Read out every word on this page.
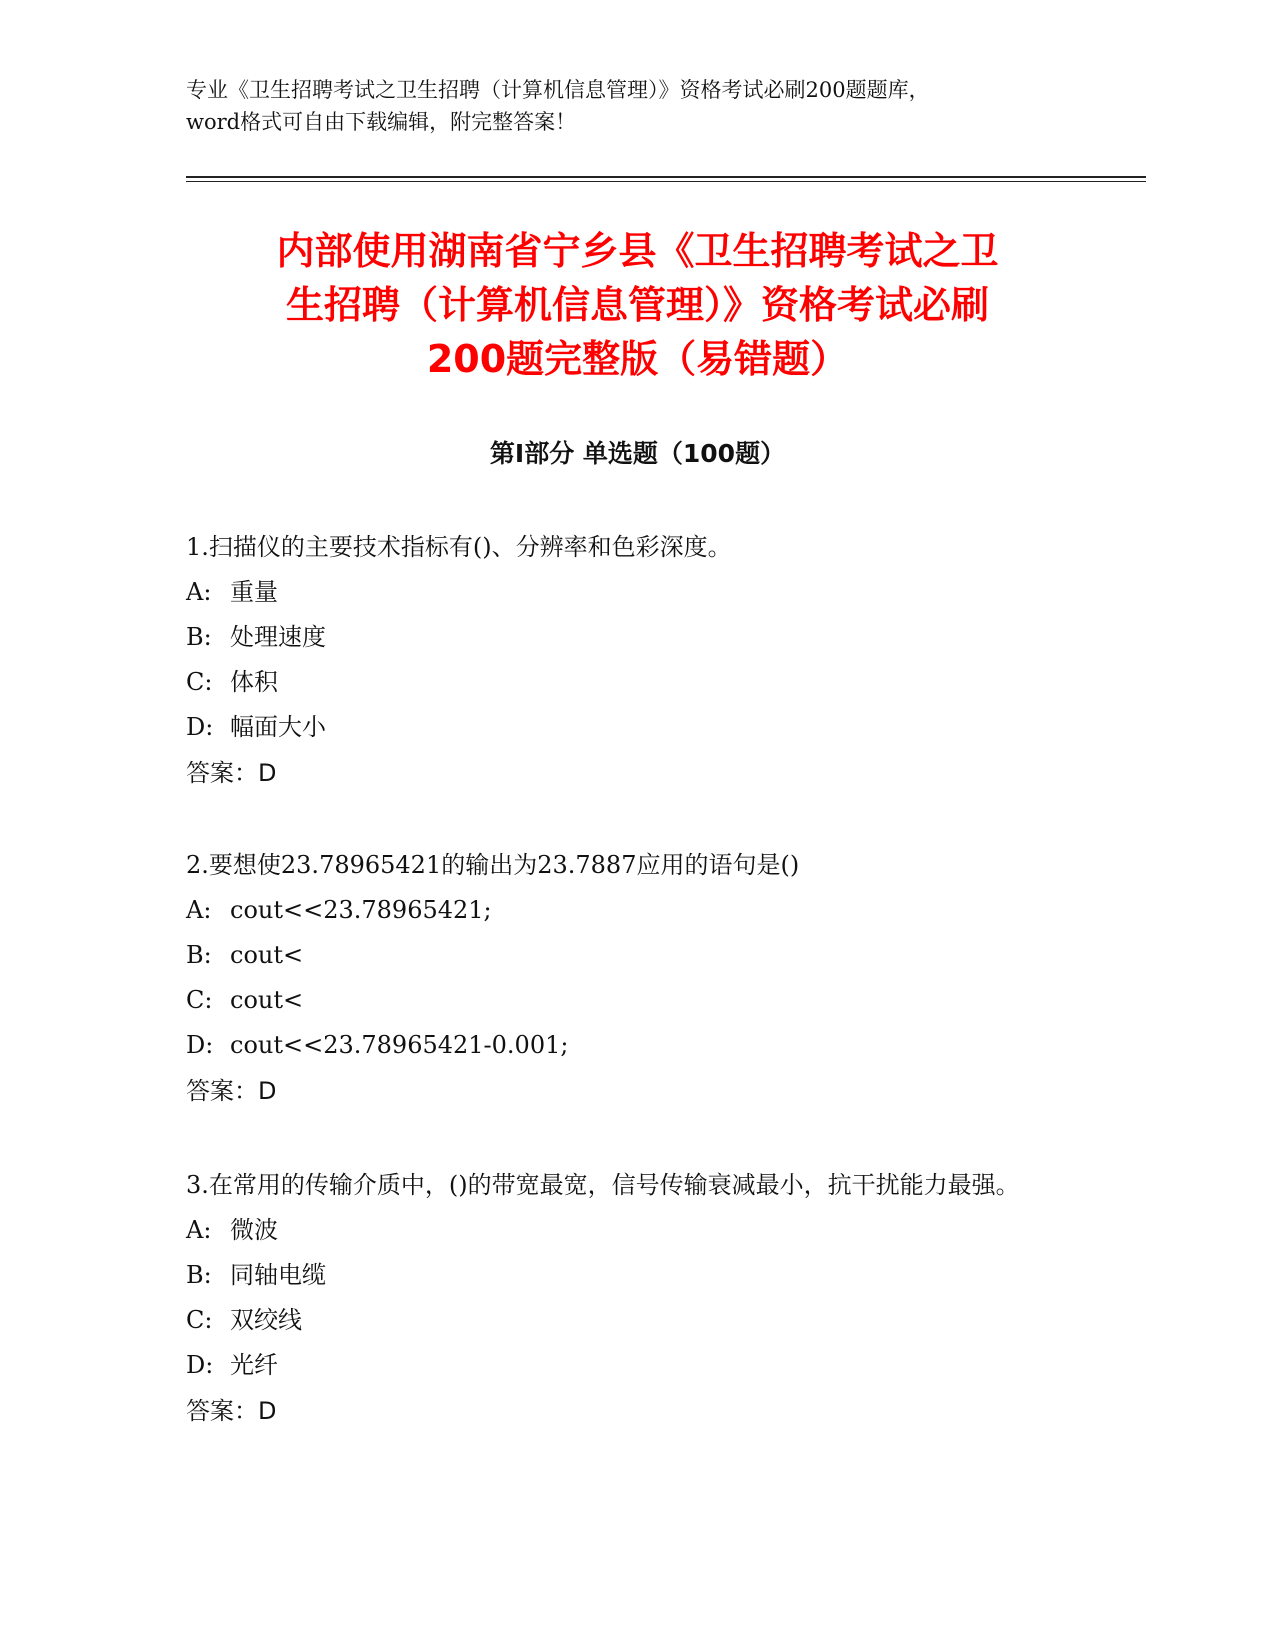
专业《卫生招聘考试之卫生招聘（计算机信息管理）》资格考试必刷200题题库，
word格式可自由下载编辑，附完整答案！
内部使用湖南省宁乡县《卫生招聘考试之卫
生招聘（计算机信息管理）》资格考试必刷
200题完整版（易错题）
第Ⅰ部分 单选题（100题）
1.扫描仪的主要技术指标有()、分辨率和色彩深度。
A: 重量
B: 处理速度
C: 体积
D: 幅面大小
答案：D
2.要想使23.78965421的输出为23.7887应用的语句是()
A: cout<<23.78965421;
B: cout<
C: cout<
D: cout<<23.78965421-0.001;
答案：D
3.在常用的传输介质中，()的带宽最宽，信号传输衰减最小，抗干扰能力最强。
A: 微波
B: 同轴电缆
C: 双绞线
D: 光纤
答案：D
